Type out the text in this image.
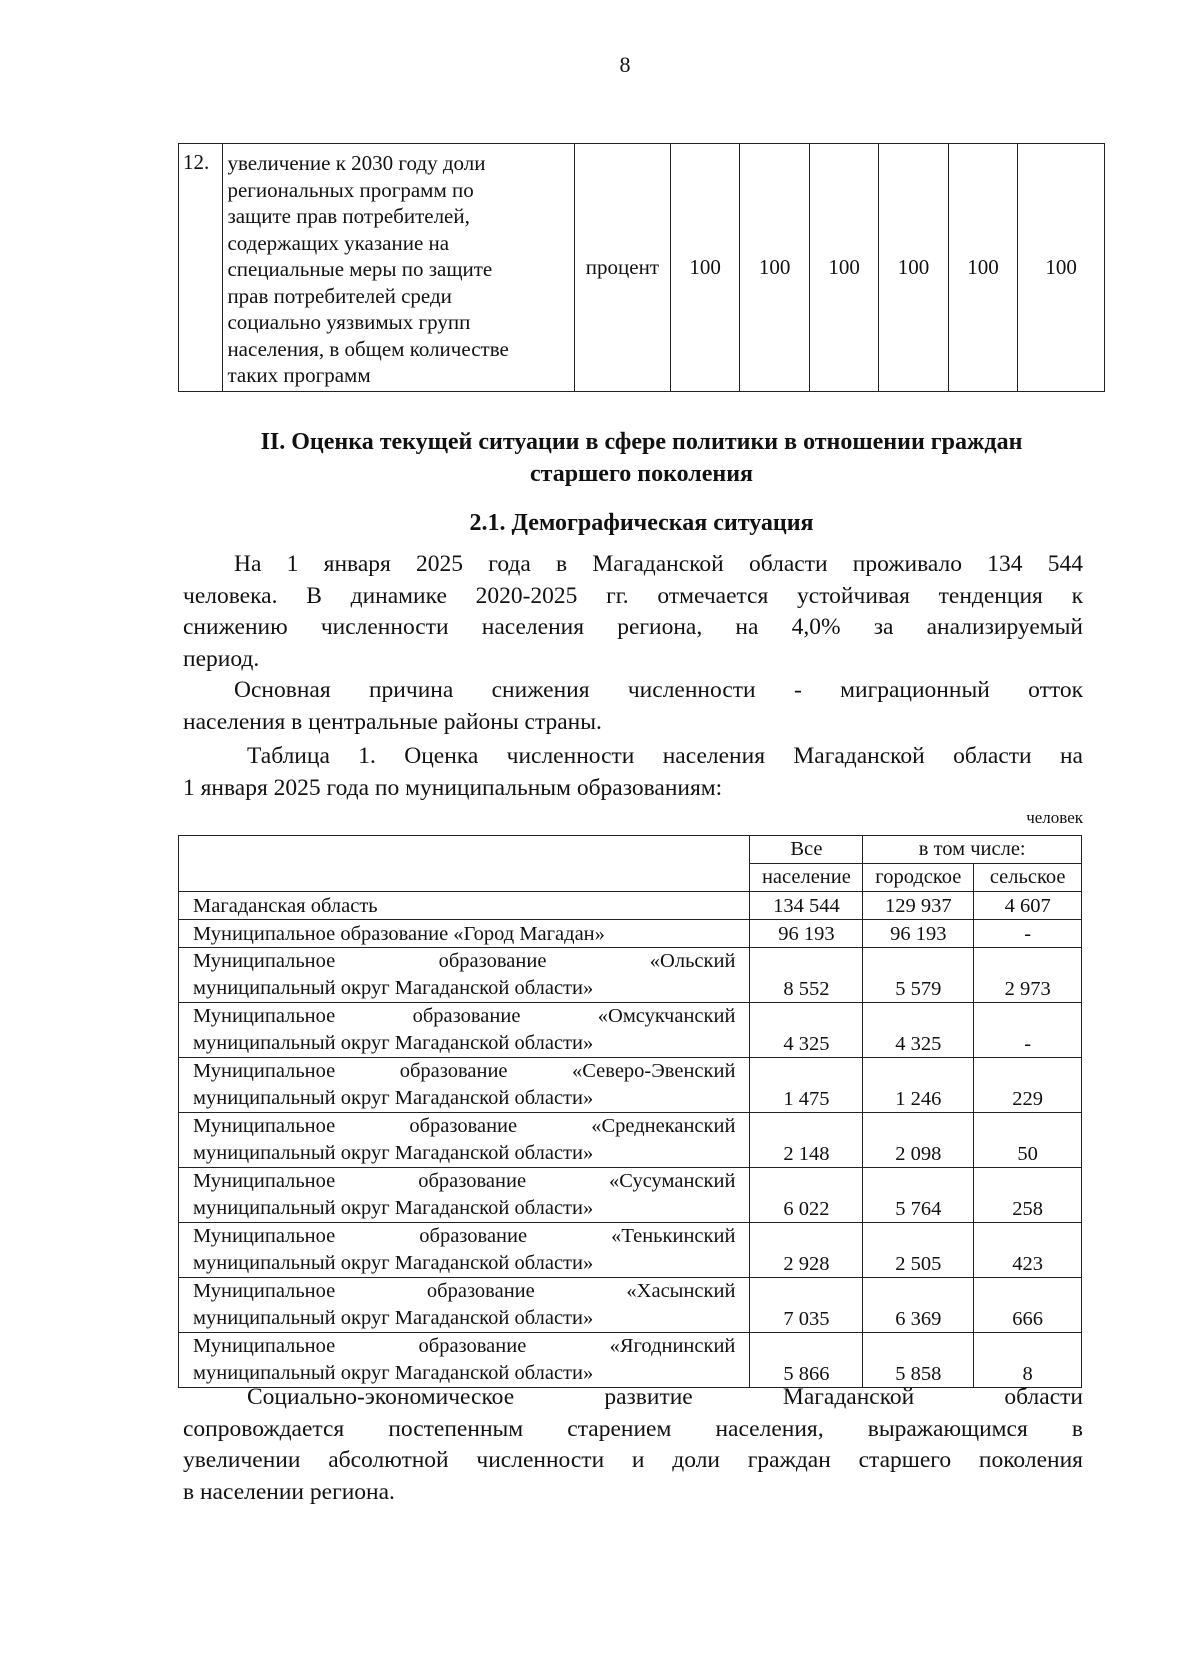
8
12.	увеличение к 2030 году доли
региональных программ по
защите прав потребителей,
содержащих указание на
специальные меры по защите
прав потребителей среди
социально уязвимых групп
населения, в общем количестве
таких программ
	процент	100	100	100	100	100	100
II. Оценка текущей ситуации в сфере политики в отношении граждан
старшего поколения
2.1. Демографическая ситуация
На 1 января 2025 года в Магаданской области проживало 134 544
человека. В динамике 2020-2025 гг. отмечается устойчивая тенденция к
снижению численности населения региона, на 4,0% за анализируемый
период.
Основная причина снижения численности - миграционный отток
населения в центральные районы страны.
Таблица 1. Оценка численности населения Магаданской области на
1 января 2025 года по муниципальным образованиям:
человек
	Все	в том числе:	
	население	городское	сельское
Магаданская область	134 544	129 937	4 607
Муниципальное образование «Город Магадан»	96 193	96 193	-

Муниципальное образование «Ольский
муниципальный округ Магаданской области»	8 552	5 579	2 973

Муниципальное образование «Омсукчанский
муниципальный округ Магаданской области»	4 325	4 325	-

Муниципальное образование «Северо-Эвенский
муниципальный округ Магаданской области»	1 475	1 246	229

Муниципальное образование «Среднеканский
муниципальный округ Магаданской области»	2 148	2 098	50

Муниципальное образование «Сусуманский
муниципальный округ Магаданской области»	6 022	5 764	258

Муниципальное образование «Тенькинский
муниципальный округ Магаданской области»	2 928	2 505	423

Муниципальное образование «Хасынский
муниципальный округ Магаданской области»	7 035	6 369	666

Муниципальное образование «Ягоднинский
муниципальный округ Магаданской области»	5 866	5 858	8
Социально-экономическое развитие Магаданской области
сопровождается постепенным старением населения, выражающимся в
увеличении абсолютной численности и доли граждан старшего поколения
в населении региона.
